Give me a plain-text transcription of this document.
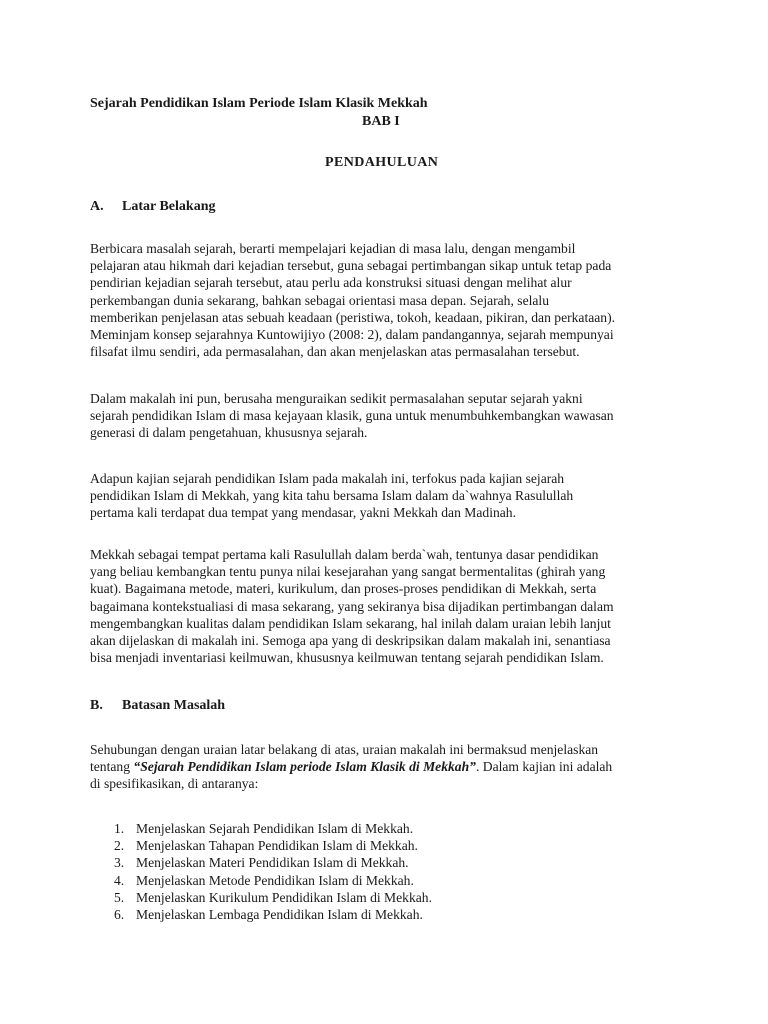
Sejarah Pendidikan Islam Periode Islam Klasik Mekkah
BAB I
PENDAHULUAN
A. Latar Belakang

Berbicara masalah sejarah, berarti mempelajari kejadian di masa lalu, dengan mengambil

pelajaran atau hikmah dari kejadian tersebut, guna sebagai pertimbangan sikap untuk tetap pada

pendirian kejadian sejarah tersebut, atau perlu ada konstruksi situasi dengan melihat alur

perkembangan dunia sekarang, bahkan sebagai orientasi masa depan. Sejarah, selalu

memberikan penjelasan atas sebuah keadaan (peristiwa, tokoh, keadaan, pikiran, dan perkataan).

Meminjam konsep sejarahnya Kuntowijiyo (2008: 2), dalam pandangannya, sejarah mempunyai

filsafat ilmu sendiri, ada permasalahan, dan akan menjelaskan atas permasalahan tersebut.

Dalam makalah ini pun, berusaha menguraikan sedikit permasalahan seputar sejarah yakni

sejarah pendidikan Islam di masa kejayaan klasik, guna untuk menumbuhkembangkan wawasan

generasi di dalam pengetahuan, khususnya sejarah.

Adapun kajian sejarah pendidikan Islam pada makalah ini, terfokus pada kajian sejarah

pendidikan Islam di Mekkah, yang kita tahu bersama Islam dalam da`wahnya Rasulullah

pertama kali terdapat dua tempat yang mendasar, yakni Mekkah dan Madinah.

Mekkah sebagai tempat pertama kali Rasulullah dalam berda`wah, tentunya dasar pendidikan

yang beliau kembangkan tentu punya nilai kesejarahan yang sangat bermentalitas (ghirah yang

kuat). Bagaimana metode, materi, kurikulum, dan proses-proses pendidikan di Mekkah, serta

bagaimana kontekstualiasi di masa sekarang, yang sekiranya bisa dijadikan pertimbangan dalam

mengembangkan kualitas dalam pendidikan Islam sekarang, hal inilah dalam uraian lebih lanjut

akan dijelaskan di makalah ini. Semoga apa yang di deskripsikan dalam makalah ini, senantiasa

bisa menjadi inventariasi keilmuwan, khususnya keilmuwan tentang sejarah pendidikan Islam.

B. Batasan Masalah

Sehubungan dengan uraian latar belakang di atas, uraian makalah ini bermaksud menjelaskan

tentang “Sejarah Pendidikan Islam periode Islam Klasik di Mekkah”. Dalam kajian ini adalah

di spesifikasikan, di antaranya:

1. Menjelaskan Sejarah Pendidikan Islam di Mekkah.
2. Menjelaskan Tahapan Pendidikan Islam di Mekkah.
3. Menjelaskan Materi Pendidikan Islam di Mekkah.
4. Menjelaskan Metode Pendidikan Islam di Mekkah.
5. Menjelaskan Kurikulum Pendidikan Islam di Mekkah.
6. Menjelaskan Lembaga Pendidikan Islam di Mekkah.
